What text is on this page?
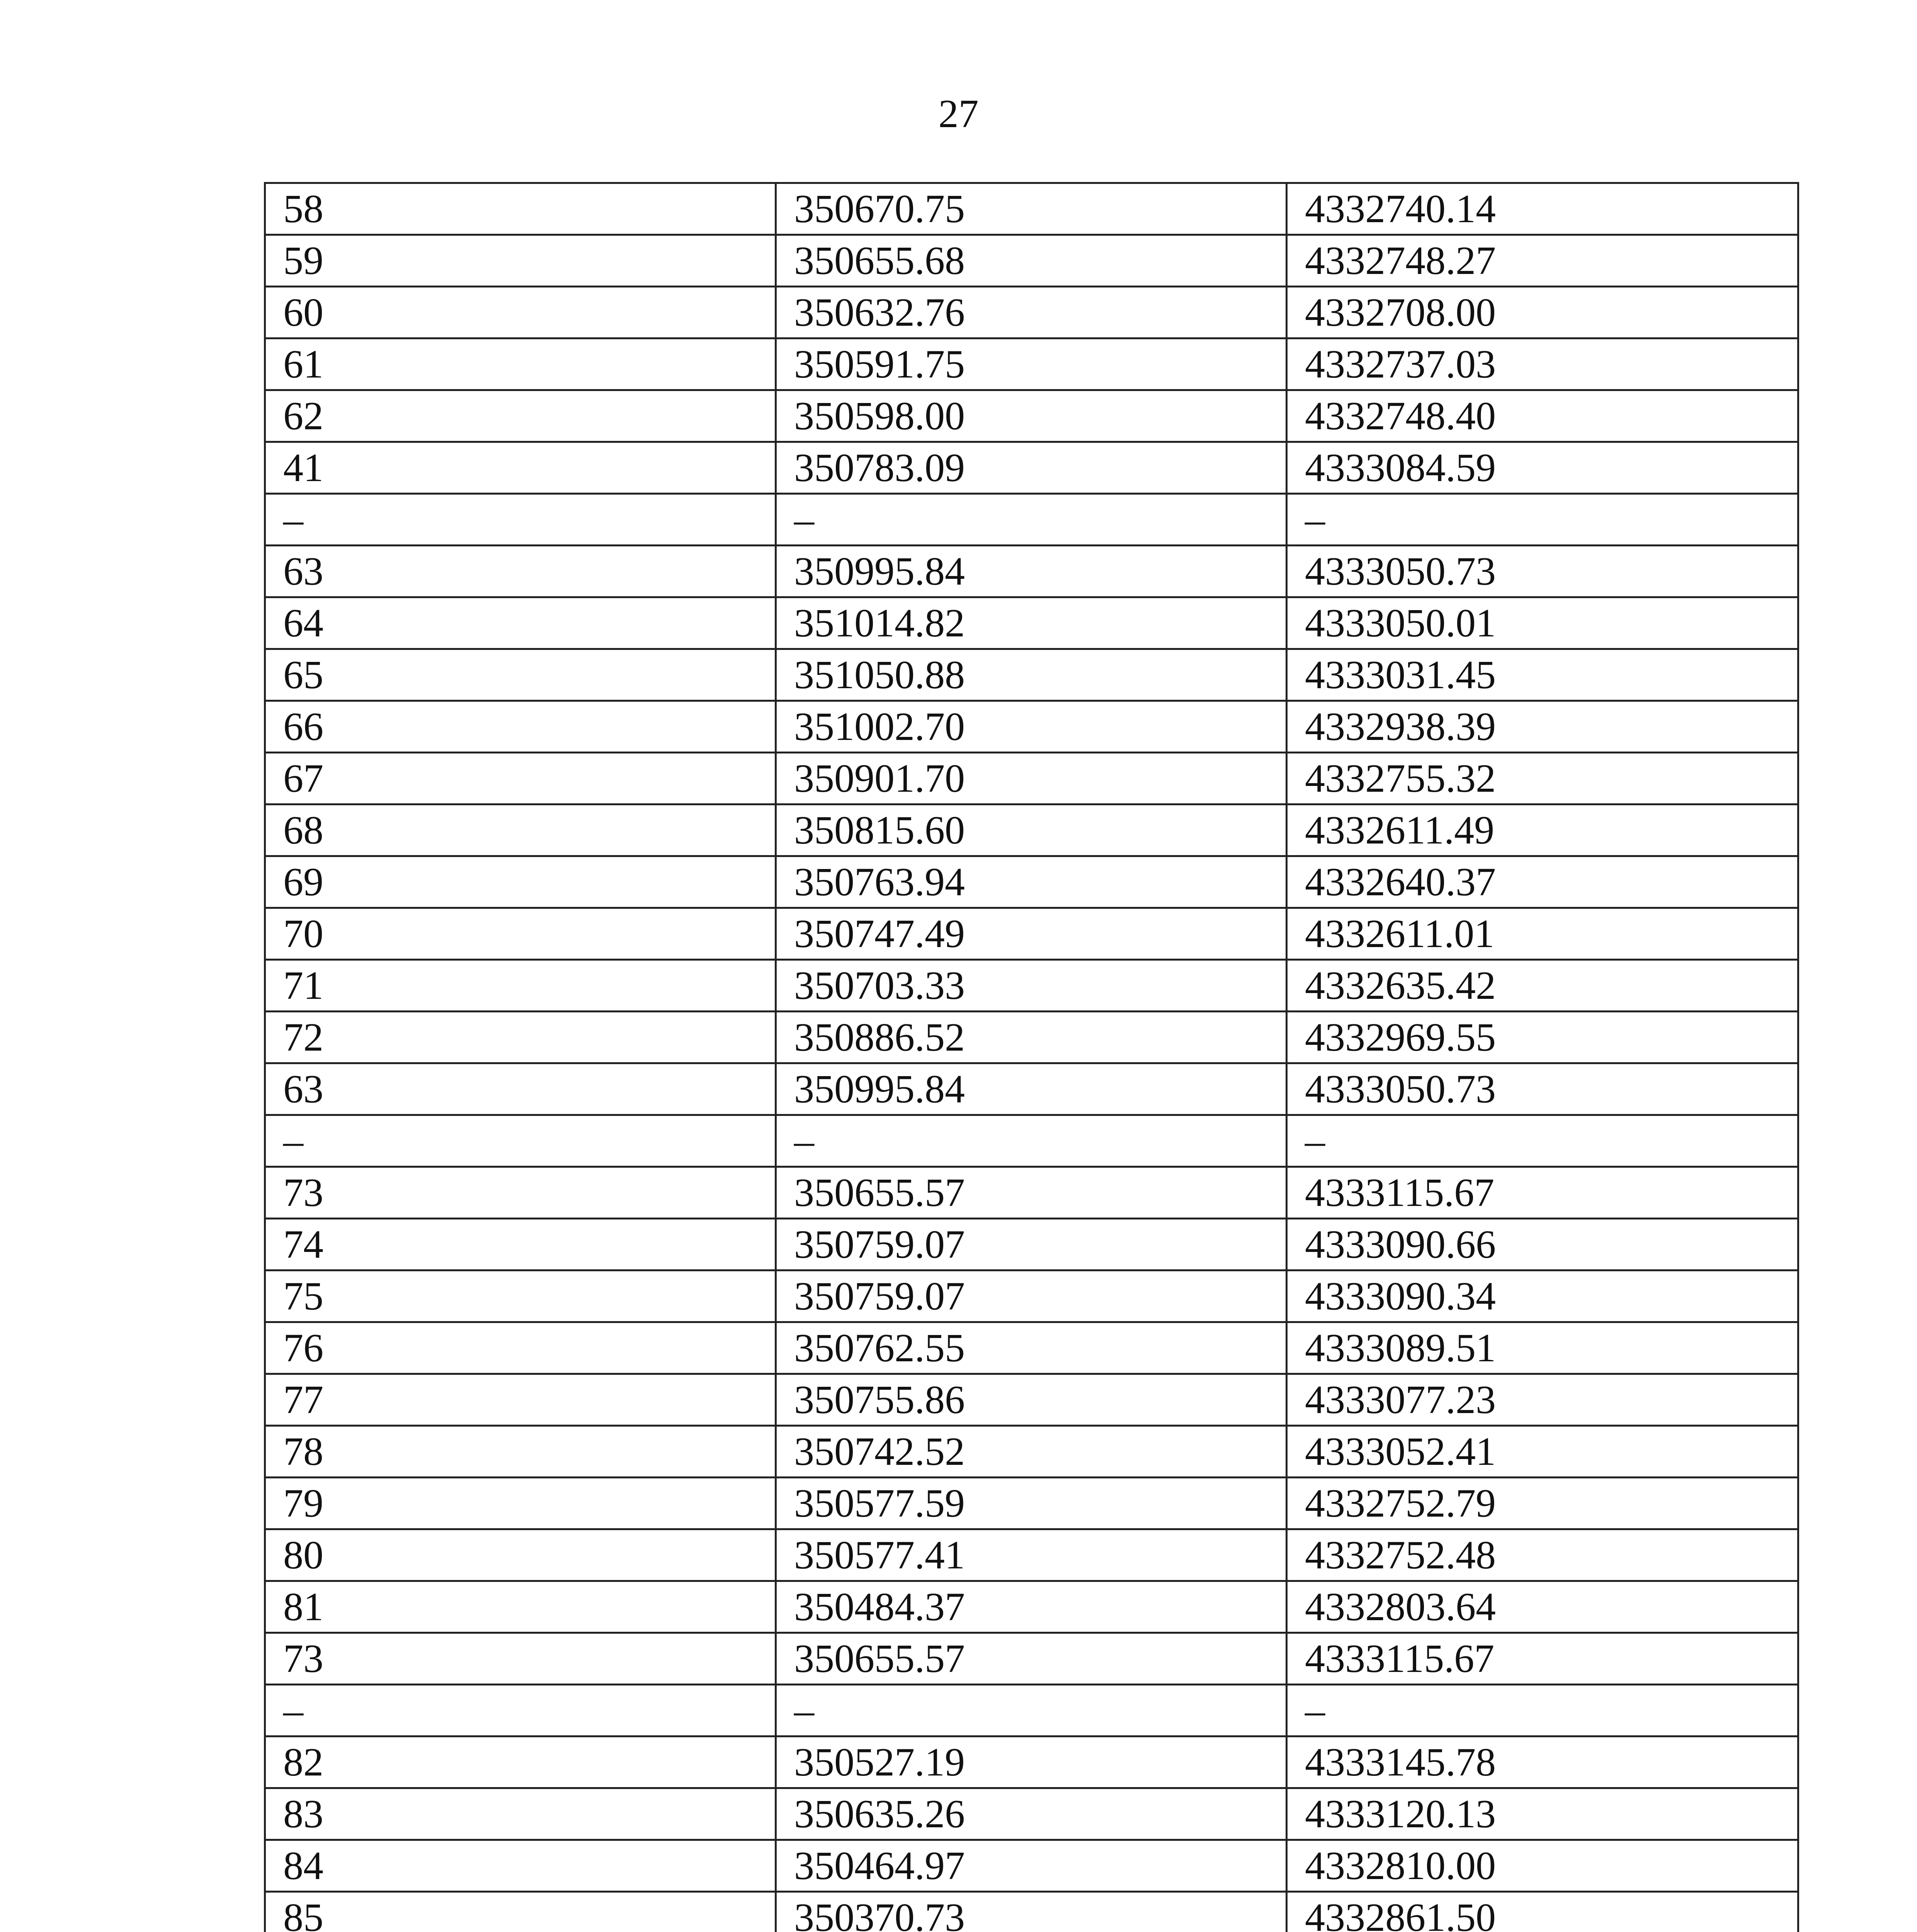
27
58	350670.75	4332740.14
59	350655.68	4332748.27
60	350632.76	4332708.00
61	350591.75	4332737.03
62	350598.00	4332748.40
41	350783.09	4333084.59
–	–	–
63	350995.84	4333050.73
64	351014.82	4333050.01
65	351050.88	4333031.45
66	351002.70	4332938.39
67	350901.70	4332755.32
68	350815.60	4332611.49
69	350763.94	4332640.37
70	350747.49	4332611.01
71	350703.33	4332635.42
72	350886.52	4332969.55
63	350995.84	4333050.73
–	–	–
73	350655.57	4333115.67
74	350759.07	4333090.66
75	350759.07	4333090.34
76	350762.55	4333089.51
77	350755.86	4333077.23
78	350742.52	4333052.41
79	350577.59	4332752.79
80	350577.41	4332752.48
81	350484.37	4332803.64
73	350655.57	4333115.67
–	–	–
82	350527.19	4333145.78
83	350635.26	4333120.13
84	350464.97	4332810.00
85	350370.73	4332861.50
